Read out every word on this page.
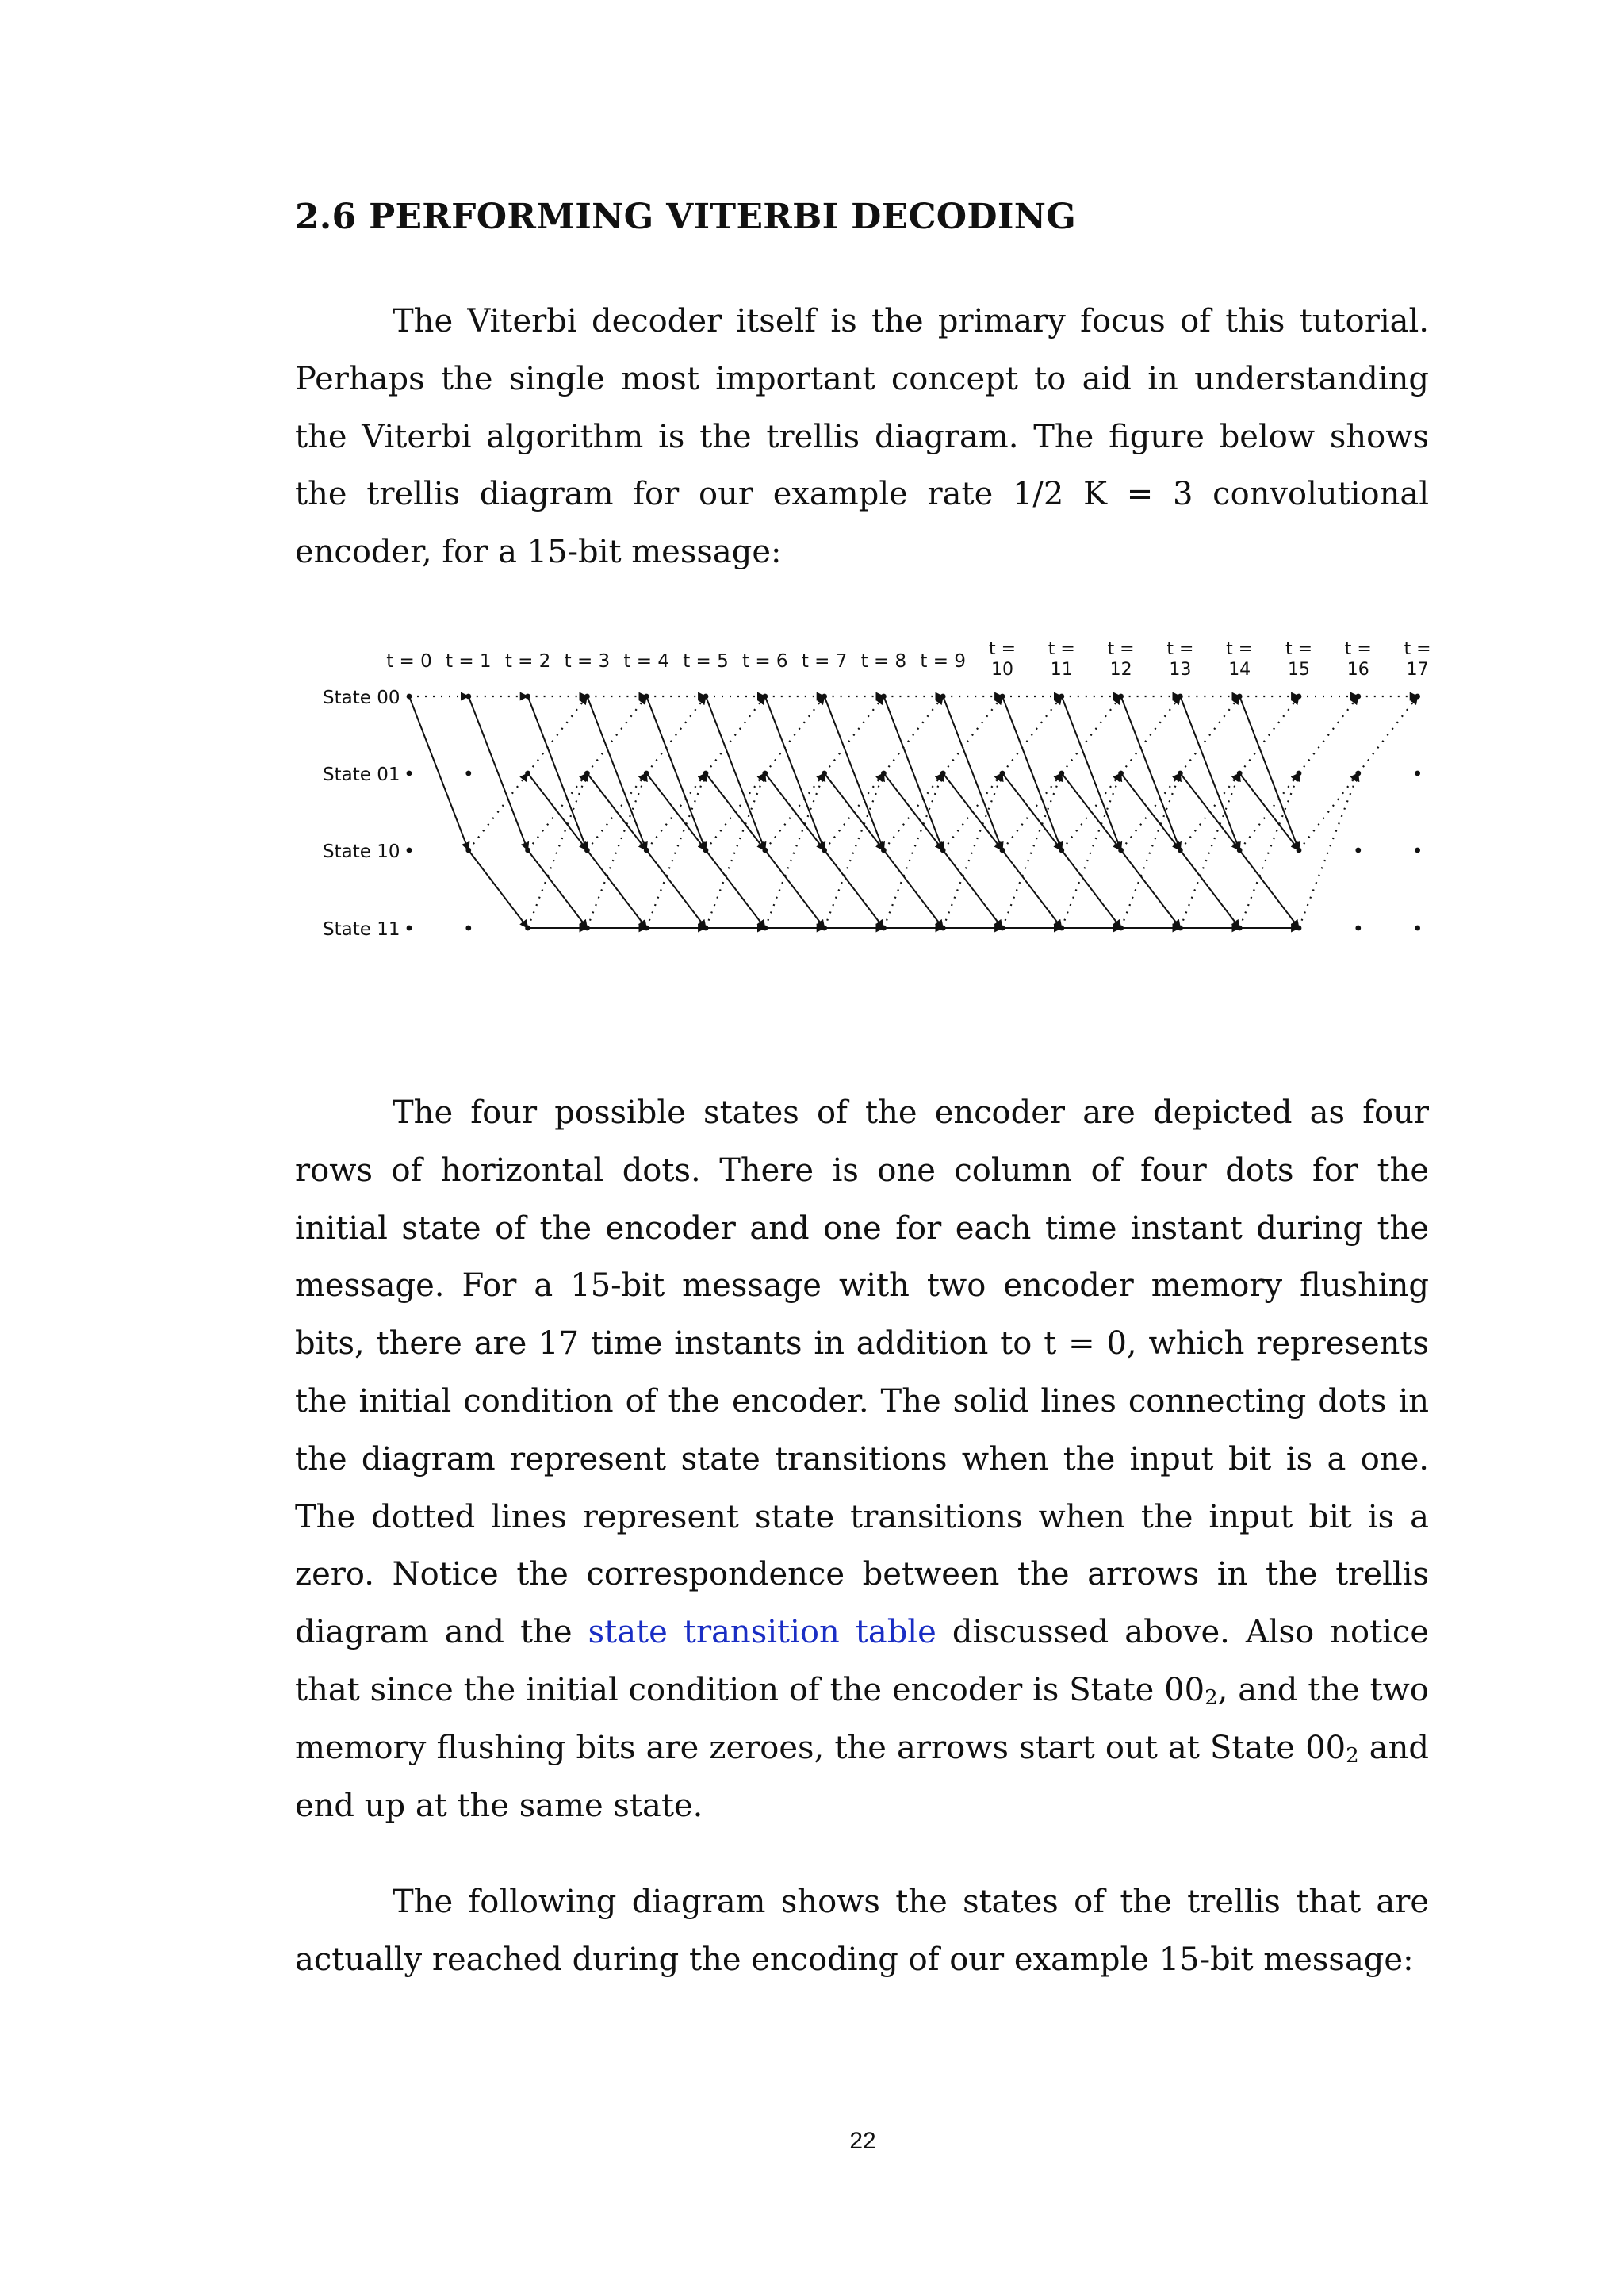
2.6 PERFORMING VITERBI DECODING

The Viterbi decoder itself is the primary focus of this tutorial. Perhaps the single most important concept to aid in understanding the Viterbi algorithm is the trellis diagram. The figure below shows the trellis diagram for our example rate 1/2 K = 3 convolutional encoder, for a 15-bit message:

State 00
State 01
State 10
State 11
t = 0 t = 1 t = 2 t = 3 t = 4 t = 5 t = 6 t = 7 t = 8 t = 9
t =
10
t =
11
t =
12
t =
13
t =
14
t =
15
t =
16
t =
17

The four possible states of the encoder are depicted as four rows of horizontal dots. There is one column of four dots for the initial state of the encoder and one for each time instant during the message. For a 15-bit message with two encoder memory flushing bits, there are 17 time instants in addition to t = 0, which represents the initial condition of the encoder. The solid lines connecting dots in the diagram represent state transitions when the input bit is a one. The dotted lines represent state transitions when the input bit is a zero. Notice the correspondence between the arrows in the trellis diagram and the state transition table discussed above. Also notice that since the initial condition of the encoder is State $00_2$, and the two memory flushing bits are zeroes, the arrows start out at State $00_2$ and end up at the same state.

The following diagram shows the states of the trellis that are actually reached during the encoding of our example 15-bit message:

22
